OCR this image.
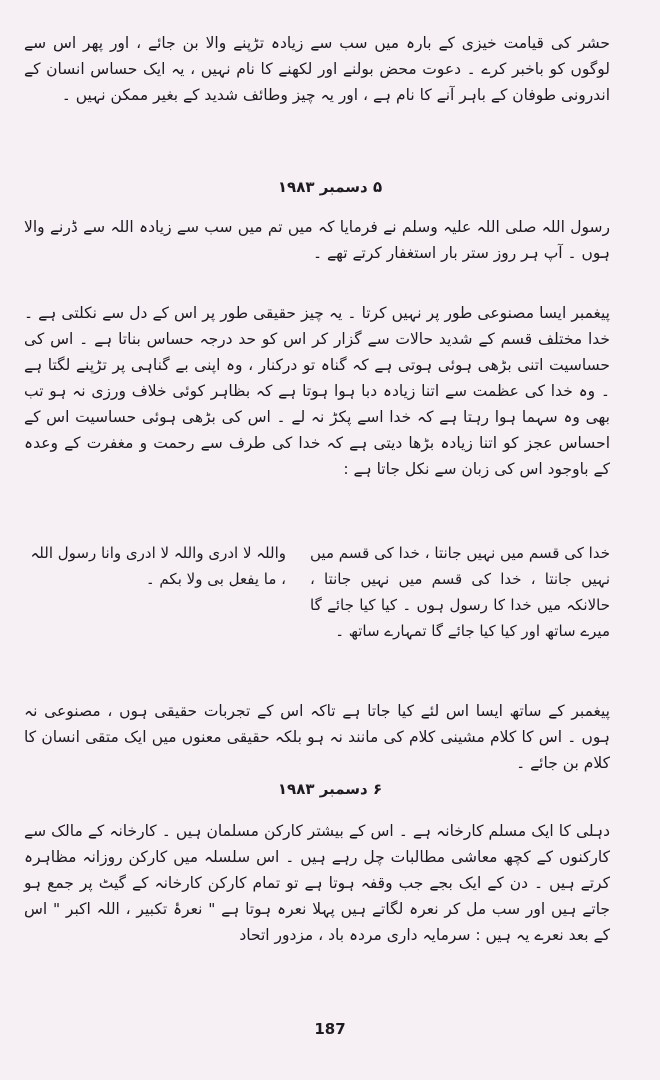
حشر کی قیامت خیزی کے بارہ میں سب سے زیادہ تڑپنے والا بن جائے ، اور پھر اس سے لوگوں کو باخبر کرے ۔ دعوت محض بولنے اور لکھنے کا نام نہیں ، یہ ایک حساس انسان کے اندرونی طوفان کے باہر آنے کا نام ہے ، اور یہ چیز وطائف شدید کے بغیر ممکن نہیں ۔
۵ دسمبر ۱۹۸۳
رسول اللہ صلی اللہ علیہ وسلم نے فرمایا کہ میں تم میں سب سے زیادہ اللہ سے ڈرنے والا ہوں ۔ آپ ہر روز ستر بار استغفار کرتے تھے ۔
پیغمبر ایسا مصنوعی طور پر نہیں کرتا ۔ یہ چیز حقیقی طور پر اس کے دل سے نکلتی ہے ۔ خدا مختلف قسم کے شدید حالات سے گزار کر اس کو حد درجہ حساس بناتا ہے ۔ اس کی حساسیت اتنی بڑھی ہوئی ہوتی ہے کہ گناہ تو درکنار ، وہ اپنی بے گناہی پر تڑپنے لگتا ہے ۔ وہ خدا کی عظمت سے اتنا زیادہ دبا ہوا ہوتا ہے کہ بظاہر کوئی خلاف ورزی نہ ہو تب بھی وہ سہما ہوا رہتا ہے کہ خدا اسے پکڑ نہ لے ۔ اس کی بڑھی ہوئی حساسیت اس کے احساس عجز کو اتنا زیادہ بڑھا دیتی ہے کہ خدا کی طرف سے رحمت و مغفرت کے وعدہ کے باوجود اس کی زبان سے نکل جاتا ہے :
خدا کی قسم میں نہیں جانتا ، خدا کی قسم میں نہیں جانتا ، خدا کی قسم میں نہیں جانتا ، حالانکہ میں خدا کا رسول ہوں ۔ کیا کیا جائے گا میرے ساتھ اور کیا کیا جائے گا تمہارے ساتھ ۔
واللہ لا ادری واللہ لا ادری وانا رسول اللہ ، ما یفعل بی ولا بکم ۔
پیغمبر کے ساتھ ایسا اس لئے کیا جاتا ہے تاکہ اس کے تجربات حقیقی ہوں ، مصنوعی نہ ہوں ۔ اس کا کلام مشینی کلام کی مانند نہ ہو بلکہ حقیقی معنوں میں ایک متقی انسان کا کلام بن جائے ۔
۶ دسمبر ۱۹۸۳
دہلی کا ایک مسلم کارخانہ ہے ۔ اس کے بیشتر کارکن مسلمان ہیں ۔ کارخانہ کے مالک سے کارکنوں کے کچھ معاشی مطالبات چل رہے ہیں ۔ اس سلسلہ میں کارکن روزانہ مظاہرہ کرتے ہیں ۔ دن کے ایک بجے جب وقفہ ہوتا ہے تو تمام کارکن کارخانہ کے گیٹ پر جمع ہو جاتے ہیں اور سب مل کر نعرہ لگاتے ہیں پہلا نعرہ ہوتا ہے " نعرۂ تکبیر ، اللہ اکبر " اس کے بعد نعرے یہ ہیں : سرمایہ داری مردہ باد ، مزدور اتحاد
187
